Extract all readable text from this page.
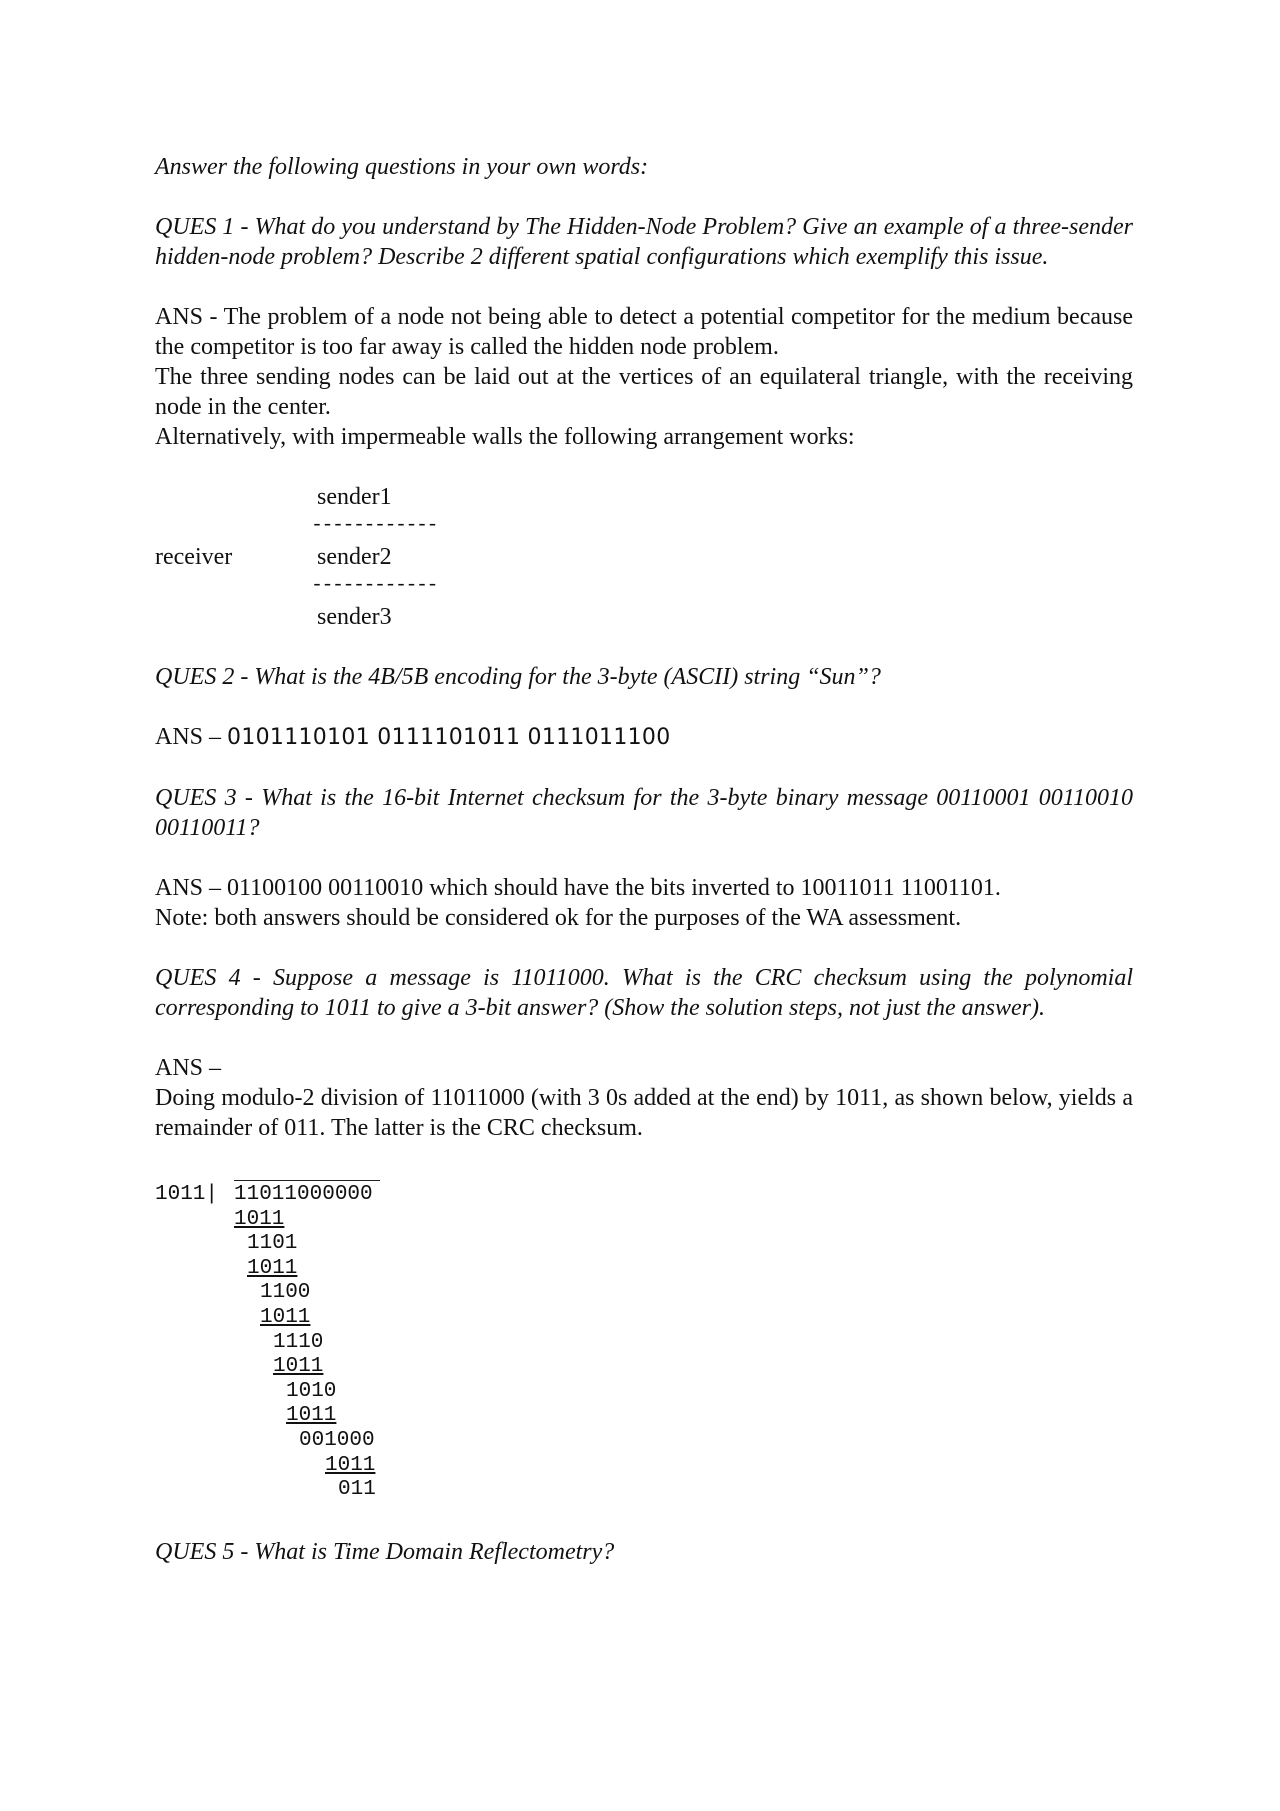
Answer the following questions in your own words:

QUES 1 - What do you understand by The Hidden-Node Problem? Give an example of a three-sender hidden-node problem? Describe 2 different spatial configurations which exemplify this issue.

ANS - The problem of a node not being able to detect a potential competitor for the medium because the competitor is too far away is called the hidden node problem.

The three sending nodes can be laid out at the vertices of an equilateral triangle, with the receiving node in the center.

Alternatively, with impermeable walls the following arrangement works:

receiver
sender1
------------
sender2
------------
sender3

QUES 2 - What is the 4B/5B encoding for the 3-byte (ASCII) string “Sun”?

ANS – 0101110101 0111101011 0111011100

QUES 3 - What is the 16-bit Internet checksum for the 3-byte binary message 00110001 00110010 00110011?

ANS – 01100100 00110010 which should have the bits inverted to 10011011 11001101.

Note: both answers should be considered ok for the purposes of the WA assessment.

QUES 4 - Suppose a message is 11011000. What is the CRC checksum using the polynomial corresponding to 1011 to give a 3-bit answer? (Show the solution steps, not just the answer).

ANS –

Doing modulo-2 division of 11011000 (with 3 0s added at the end) by 1011, as shown below, yields a remainder of 011. The latter is the CRC checksum.

1011| 11011000000
1011
1101
1011
1100
1011
1110
1011
1010
1011
001000
1011
011

QUES 5 - What is Time Domain Reflectometry?
